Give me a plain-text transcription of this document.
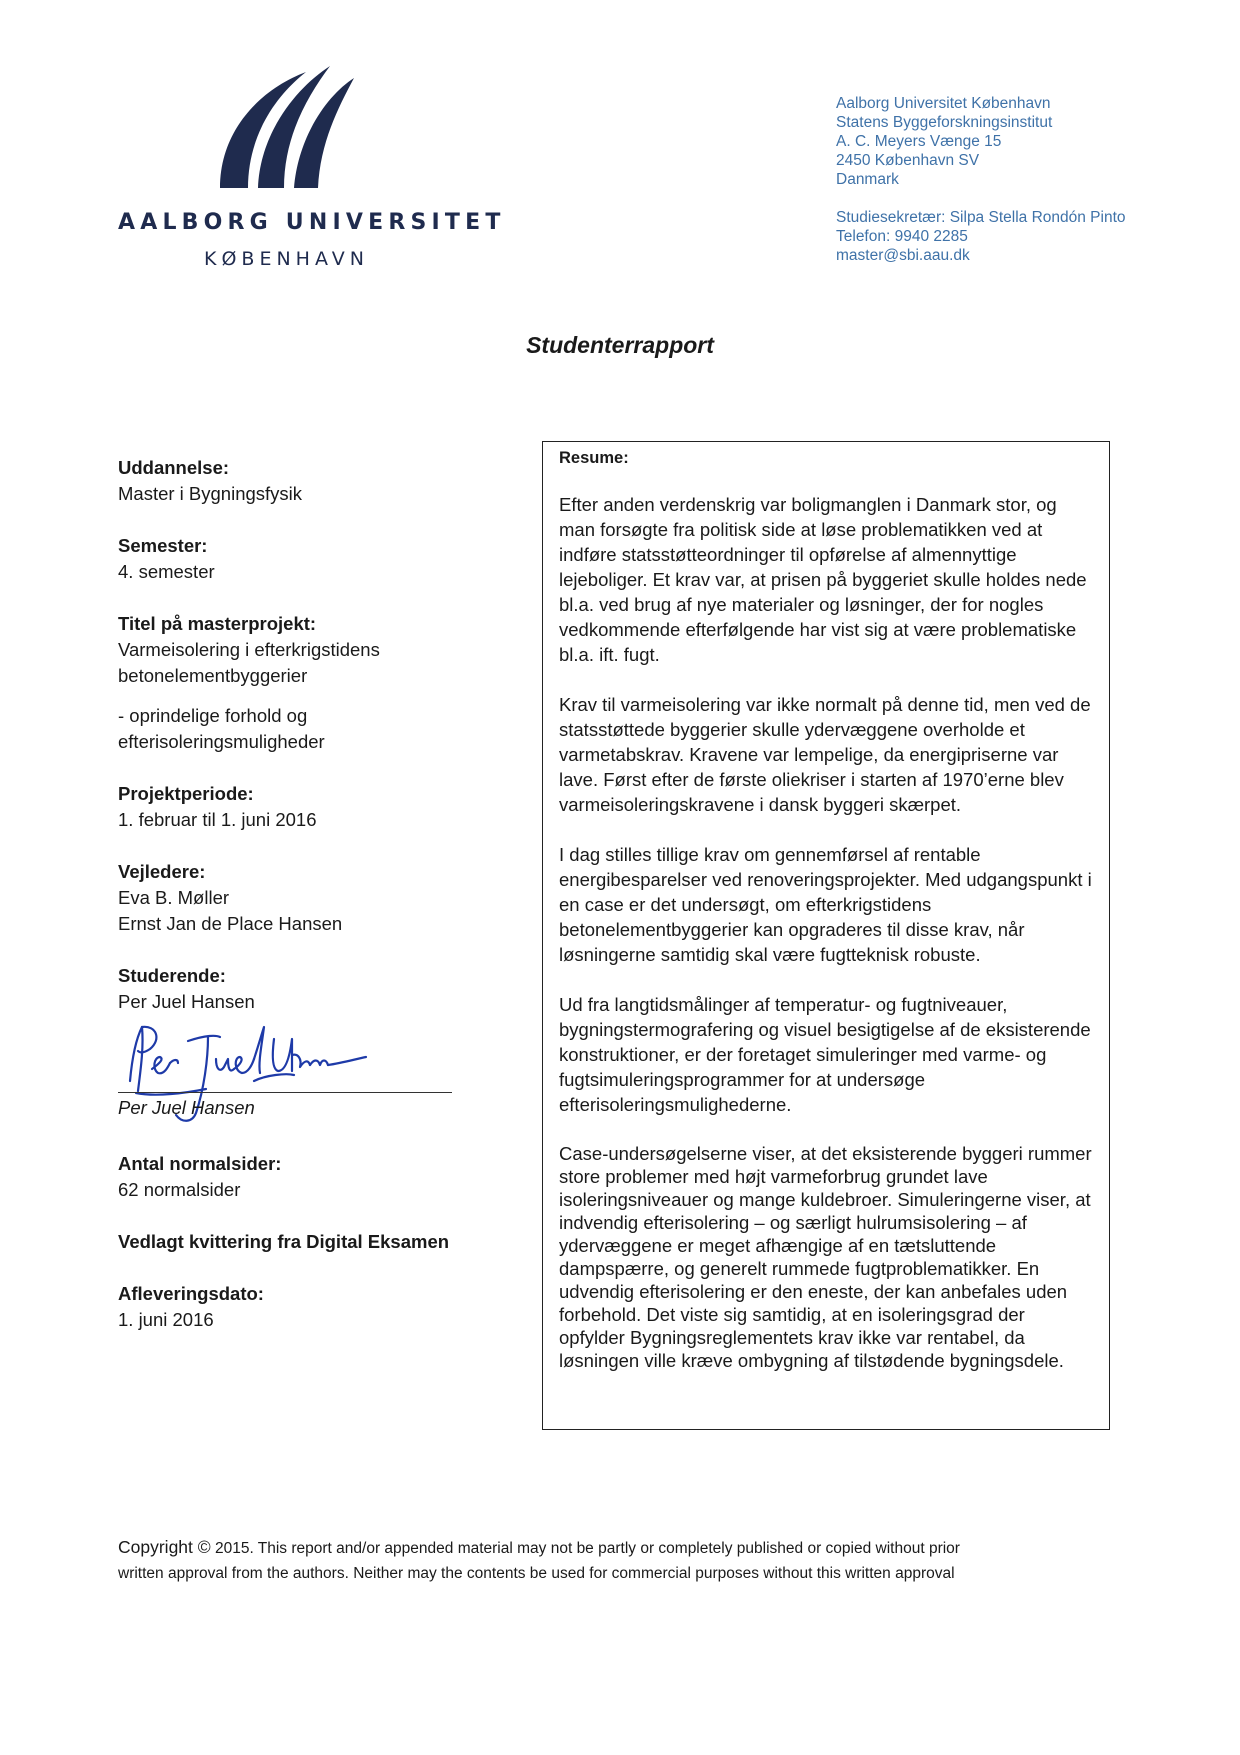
AALBORG UNIVERSITET
KØBENHAVN
Aalborg Universitet København
Statens Byggeforskningsinstitut
A. C. Meyers Vænge 15
2450 København SV
Danmark
Studiesekretær: Silpa Stella Rondón Pinto
Telefon: 9940 2285
master@sbi.aau.dk
Studenterrapport
Uddannelse:
Master i Bygningsfysik
Semester:
4. semester
Titel på masterprojekt:
Varmeisolering i efterkrigstidens
betonelementbyggerier
- oprindelige forhold og
efterisoleringsmuligheder
Projektperiode:
1. februar til 1. juni 2016
Vejledere:
Eva B. Møller
Ernst Jan de Place Hansen
Studerende:
Per Juel Hansen
Per Juel Hansen
Antal normalsider:
62 normalsider
Vedlagt kvittering fra Digital Eksamen
Afleveringsdato:
1. juni 2016
Resume:

Efter anden verdenskrig var boligmanglen i Danmark stor, og man forsøgte fra politisk side at løse problematikken ved at indføre statsstøtteordninger til opførelse af almennyttige lejeboliger. Et krav var, at prisen på byggeriet skulle holdes nede bl.a. ved brug af nye materialer og løsninger, der for nogles vedkommende efterfølgende har vist sig at være problematiske bl.a. ift. fugt.

Krav til varmeisolering var ikke normalt på denne tid, men ved de statsstøttede byggerier skulle ydervæggene overholde et varmetabskrav. Kravene var lempelige, da energipriserne var lave. Først efter de første oliekriser i starten af 1970’erne blev varmeisoleringskravene i dansk byggeri skærpet.

I dag stilles tillige krav om gennemførsel af rentable energibesparelser ved renoveringsprojekter. Med udgangspunkt i en case er det undersøgt, om efterkrigstidens betonelementbyggerier kan opgraderes til disse krav, når løsningerne samtidig skal være fugtteknisk robuste.

Ud fra langtidsmålinger af temperatur- og fugtniveauer, bygningstermografering og visuel besigtigelse af de eksisterende konstruktioner, er der foretaget simuleringer med varme- og fugtsimuleringsprogrammer for at undersøge efterisoleringsmulighederne.

Case-undersøgelserne viser, at det eksisterende byggeri rummer store problemer med højt varmeforbrug grundet lave isoleringsniveauer og mange kuldebroer. Simuleringerne viser, at indvendig efterisolering – og særligt hulrumsisolering – af ydervæggene er meget afhængige af en tætsluttende dampspærre, og generelt rummede fugtproblematikker. En udvendig efterisolering er den eneste, der kan anbefales uden forbehold. Det viste sig samtidig, at en isoleringsgrad der opfylder Bygningsreglementets krav ikke var rentabel, da løsningen ville kræve ombygning af tilstødende bygningsdele.

Copyright © 2015. This report and/or appended material may not be partly or completely published or copied without prior
written approval from the authors. Neither may the contents be used for commercial purposes without this written approval
